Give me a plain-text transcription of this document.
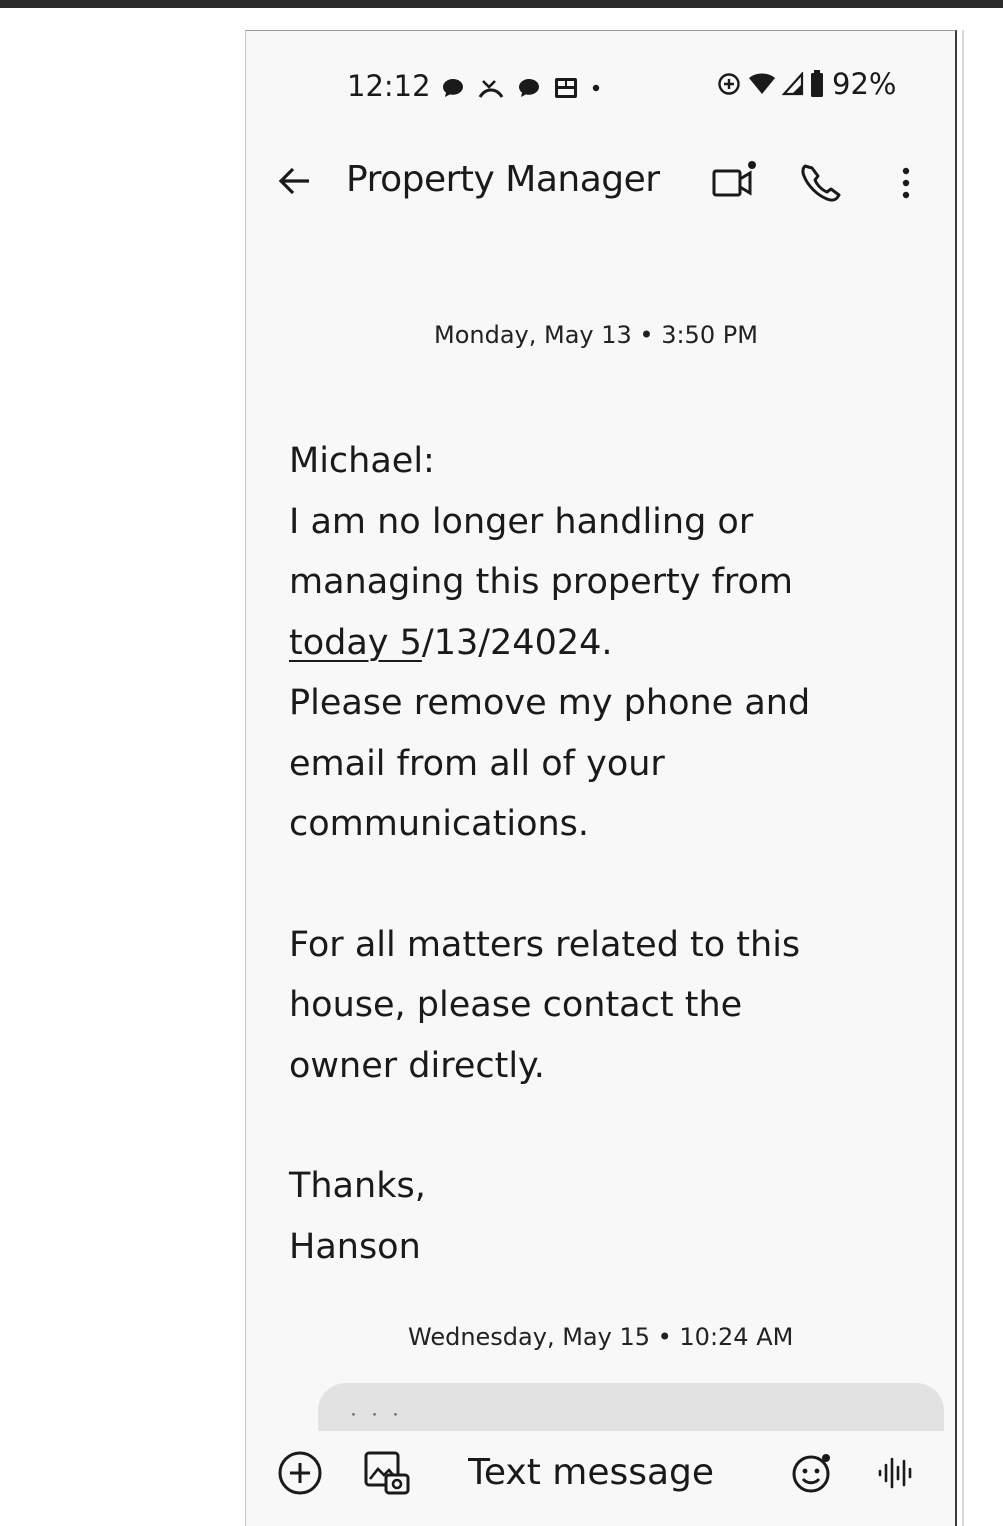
12:12	92%
Property Manager
Monday, May 13 • 3:50 PM
Michael:
I am no longer handling or
managing this property from
today 5/13/24024.
Please remove my phone and
email from all of your
communications.
For all matters related to this
house, please contact the
owner directly.
Thanks,
Hanson
Wednesday, May 15 • 10:24 AM
˙˙˙
Text message
